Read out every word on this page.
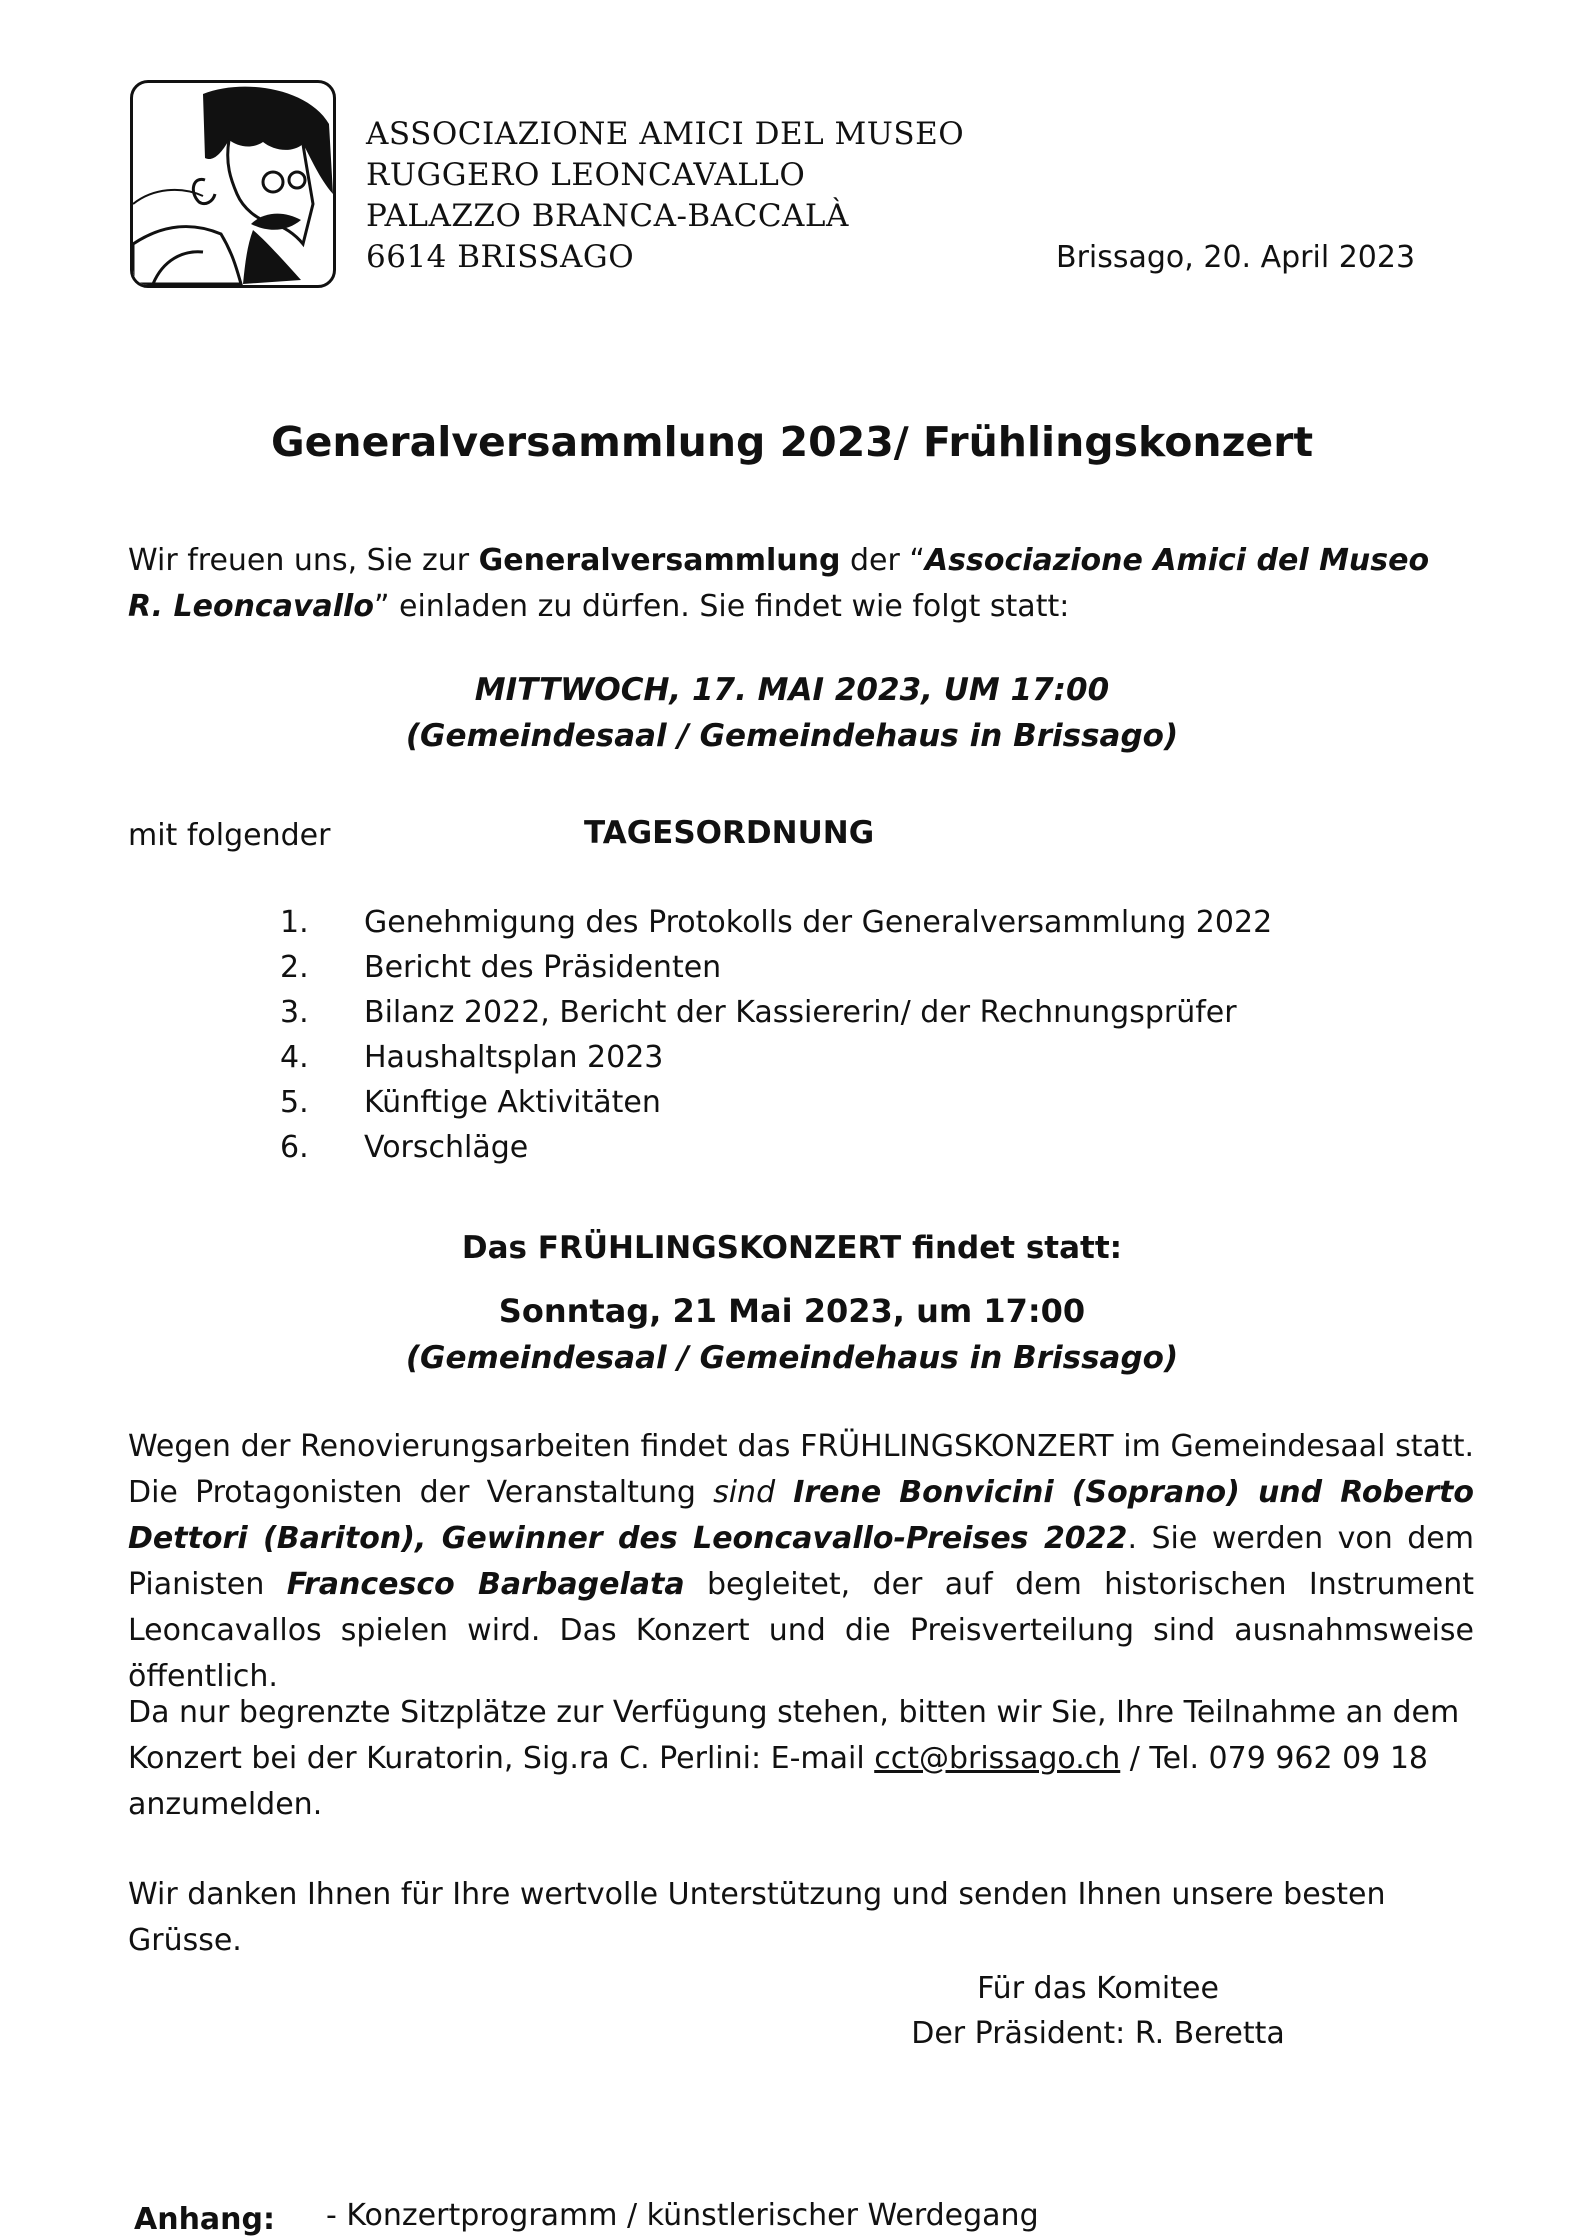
ASSOCIAZIONE AMICI DEL MUSEO
RUGGERO LEONCAVALLO
PALAZZO BRANCA-BACCALÀ
6614 BRISSAGO	Brissago, 20. April 2023
Generalversammlung 2023/ Frühlingskonzert

Wir freuen uns, Sie zur Generalversammlung der “Associazione Amici del Museo R. Leoncavallo” einladen zu dürfen. Sie findet wie folgt statt:

MITTWOCH, 17. MAI 2023, UM 17:00
(Gemeindesaal / Gemeindehaus in Brissago)
mit folgender	TAGESORDNUNG
1. Genehmigung des Protokolls der Generalversammlung 2022
2. Bericht des Präsidenten
3. Bilanz 2022, Bericht der Kassiererin/ der Rechnungsprüfer
4. Haushaltsplan 2023
5. Künftige Aktivitäten
6. Vorschläge
Das FRÜHLINGSKONZERT findet statt:
Sonntag, 21 Mai 2023, um 17:00
(Gemeindesaal / Gemeindehaus in Brissago)

Wegen der Renovierungsarbeiten findet das FRÜHLINGSKONZERT im Gemeindesaal statt. Die Protagonisten der Veranstaltung sind Irene Bonvicini (Soprano) und Roberto Dettori (Bariton), Gewinner des Leoncavallo-Preises 2022. Sie werden von dem Pianisten Francesco Barbagelata begleitet, der auf dem historischen Instrument Leoncavallos spielen wird. Das Konzert und die Preisverteilung sind ausnahmsweise öffentlich.

Da nur begrenzte Sitzplätze zur Verfügung stehen, bitten wir Sie, Ihre Teilnahme an dem Konzert bei der Kuratorin, Sig.ra C. Perlini: E-mail cct@brissago.ch / Tel. 079 962 09 18 anzumelden.

Wir danken Ihnen für Ihre wertvolle Unterstützung und senden Ihnen unsere besten Grüsse.

Für das Komitee
Der Präsident: R. Beretta
Anhang: - Konzertprogramm / künstlerischer Werdegang
